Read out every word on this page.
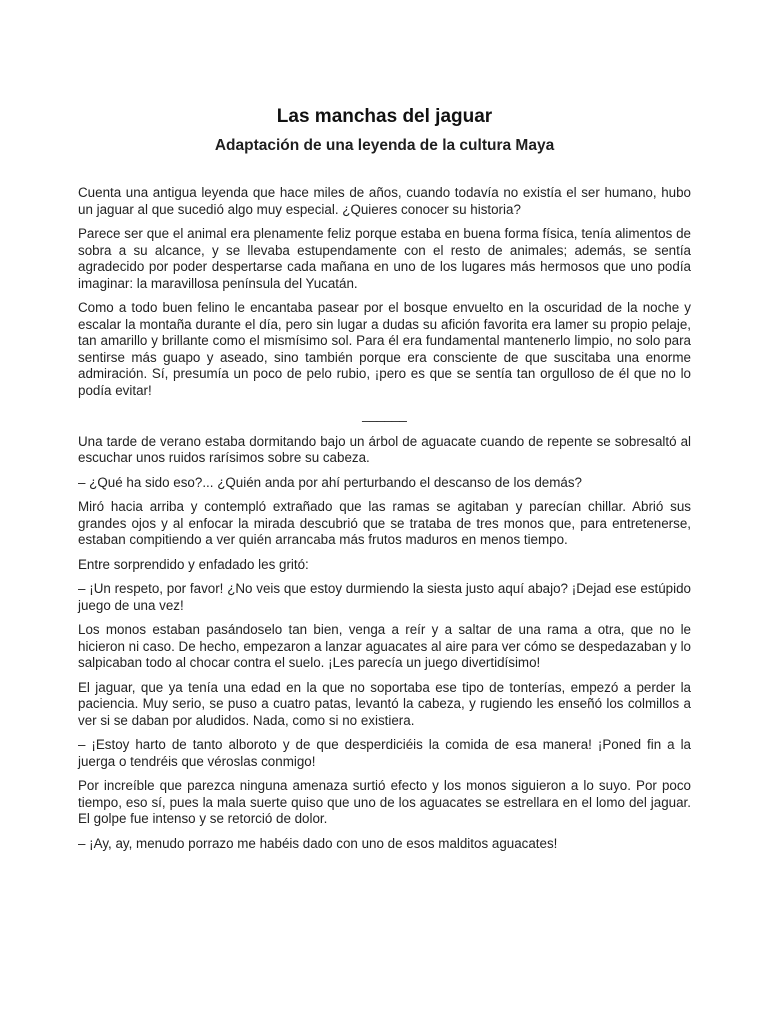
Las manchas del jaguar
Adaptación de una leyenda de la cultura Maya

Cuenta una antigua leyenda que hace miles de años, cuando todavía no existía el ser humano, hubo un jaguar al que sucedió algo muy especial. ¿Quieres conocer su historia?

Parece ser que el animal era plenamente feliz porque estaba en buena forma física, tenía alimentos de sobra a su alcance, y se llevaba estupendamente con el resto de animales; además, se sentía agradecido por poder despertarse cada mañana en uno de los lugares más hermosos que uno podía imaginar: la maravillosa península del Yucatán.

Como a todo buen felino le encantaba pasear por el bosque envuelto en la oscuridad de la noche y escalar la montaña durante el día, pero sin lugar a dudas su afición favorita era lamer su propio pelaje, tan amarillo y brillante como el mismísimo sol. Para él era fundamental mantenerlo limpio, no solo para sentirse más guapo y aseado, sino también porque era consciente de que suscitaba una enorme admiración. Sí, presumía un poco de pelo rubio, ¡pero es que se sentía tan orgulloso de él que no lo podía evitar!

______

Una tarde de verano estaba dormitando bajo un árbol de aguacate cuando de repente se sobresaltó al escuchar unos ruidos rarísimos sobre su cabeza.

– ¿Qué ha sido eso?... ¿Quién anda por ahí perturbando el descanso de los demás?

Miró hacia arriba y contempló extrañado que las ramas se agitaban y parecían chillar. Abrió sus grandes ojos y al enfocar la mirada descubrió que se trataba de tres monos que, para entretenerse, estaban compitiendo a ver quién arrancaba más frutos maduros en menos tiempo.

Entre sorprendido y enfadado les gritó:

– ¡Un respeto, por favor! ¿No veis que estoy durmiendo la siesta justo aquí abajo? ¡Dejad ese estúpido juego de una vez!

Los monos estaban pasándoselo tan bien, venga a reír y a saltar de una rama a otra, que no le hicieron ni caso. De hecho, empezaron a lanzar aguacates al aire para ver cómo se despedazaban y lo salpicaban todo al chocar contra el suelo. ¡Les parecía un juego divertidísimo!

El jaguar, que ya tenía una edad en la que no soportaba ese tipo de tonterías, empezó a perder la paciencia. Muy serio, se puso a cuatro patas, levantó la cabeza, y rugiendo les enseñó los colmillos a ver si se daban por aludidos. Nada, como si no existiera.

– ¡Estoy harto de tanto alboroto y de que desperdiciéis la comida de esa manera! ¡Poned fin a la juerga o tendréis que véroslas conmigo!

Por increíble que parezca ninguna amenaza surtió efecto y los monos siguieron a lo suyo. Por poco tiempo, eso sí, pues la mala suerte quiso que uno de los aguacates se estrellara en el lomo del jaguar. El golpe fue intenso y se retorció de dolor.

– ¡Ay, ay, menudo porrazo me habéis dado con uno de esos malditos aguacates!
